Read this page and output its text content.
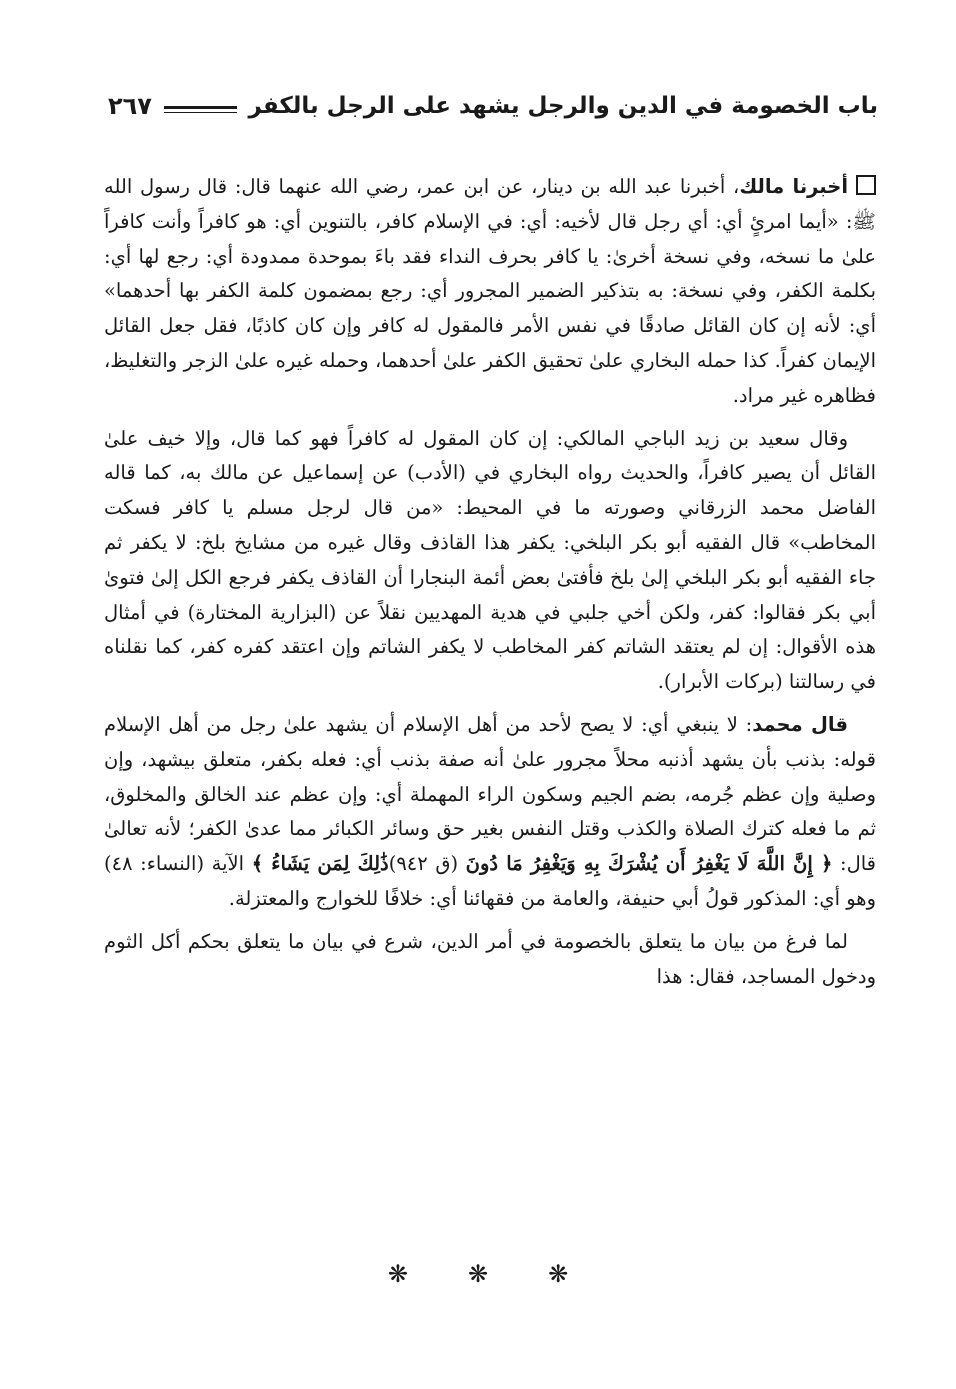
باب الخصومة في الدين والرجل يشهد على الرجل بالكفر
٢٦٧

أخبرنا مالك، أخبرنا عبد الله بن دينار، عن ابن عمر، رضي الله عنهما قال: قال رسول الله ﷺ: «أيما امرئٍ أي: أي رجل قال لأخيه: أي: في الإسلام كافر، بالتنوين أي: هو كافراً وأنت كافراً علىٰ ما نسخه، وفي نسخة أخرىٰ: يا كافر بحرف النداء فقد باءَ بموحدة ممدودة أي: رجع لها أي: بكلمة الكفر، وفي نسخة: به بتذكير الضمير المجرور أي: رجع بمضمون كلمة الكفر بها أحدهما» أي: لأنه إن كان القائل صادقًا في نفس الأمر فالمقول له كافر وإن كان كاذبًا، فقل جعل القائل الإيمان كفراً. كذا حمله البخاري علىٰ تحقيق الكفر علىٰ أحدهما، وحمله غيره علىٰ الزجر والتغليظ، فظاهره غير مراد.

وقال سعيد بن زيد الباجي المالكي: إن كان المقول له كافراً فهو كما قال، وإلا خيف علىٰ القائل أن يصير كافراً، والحديث رواه البخاري في (الأدب) عن إسماعيل عن مالك به، كما قاله الفاضل محمد الزرقاني وصورته ما في المحيط: «من قال لرجل مسلم يا كافر فسكت المخاطب» قال الفقيه أبو بكر البلخي: يكفر هذا القاذف وقال غيره من مشايخ بلخ: لا يكفر ثم جاء الفقيه أبو بكر البلخي إلىٰ بلخ فأفتىٰ بعض أئمة البنجارا أن القاذف يكفر فرجع الكل إلىٰ فتوىٰ أبي بكر فقالوا: كفر، ولكن أخي جلبي في هدية المهديين نقلاً عن (البزارية المختارة) في أمثال هذه الأقوال: إن لم يعتقد الشاتم كفر المخاطب لا يكفر الشاتم وإن اعتقد كفره كفر، كما نقلناه في رسالتنا (بركات الأبرار).

قال محمد: لا ينبغي أي: لا يصح لأحد من أهل الإسلام أن يشهد علىٰ رجل من أهل الإسلام قوله: بذنب بأن يشهد أذنبه محلاً مجرور علىٰ أنه صفة بذنب أي: فعله بكفر، متعلق بيشهد، وإن وصلية وإن عظم جُرمه، بضم الجيم وسكون الراء المهملة أي: وإن عظم عند الخالق والمخلوق، ثم ما فعله كترك الصلاة والكذب وقتل النفس بغير حق وسائر الكبائر مما عدىٰ الكفر؛ لأنه تعالىٰ قال: ﴿ إِنَّ اللَّهَ لَا يَغْفِرُ أَن يُشْرَكَ بِهِ وَيَغْفِرُ مَا دُونَ (ق ٩٤٢)ذَٰلِكَ لِمَن يَشَاءُ ﴾ الآية (النساء: ٤٨) وهو أي: المذكور قولُ أبي حنيفة، والعامة من فقهائنا أي: خلافًا للخوارج والمعتزلة.

لما فرغ من بيان ما يتعلق بالخصومة في أمر الدين، شرع في بيان ما يتعلق بحكم أكل الثوم ودخول المساجد، فقال: هذا

❋
❋
❋
